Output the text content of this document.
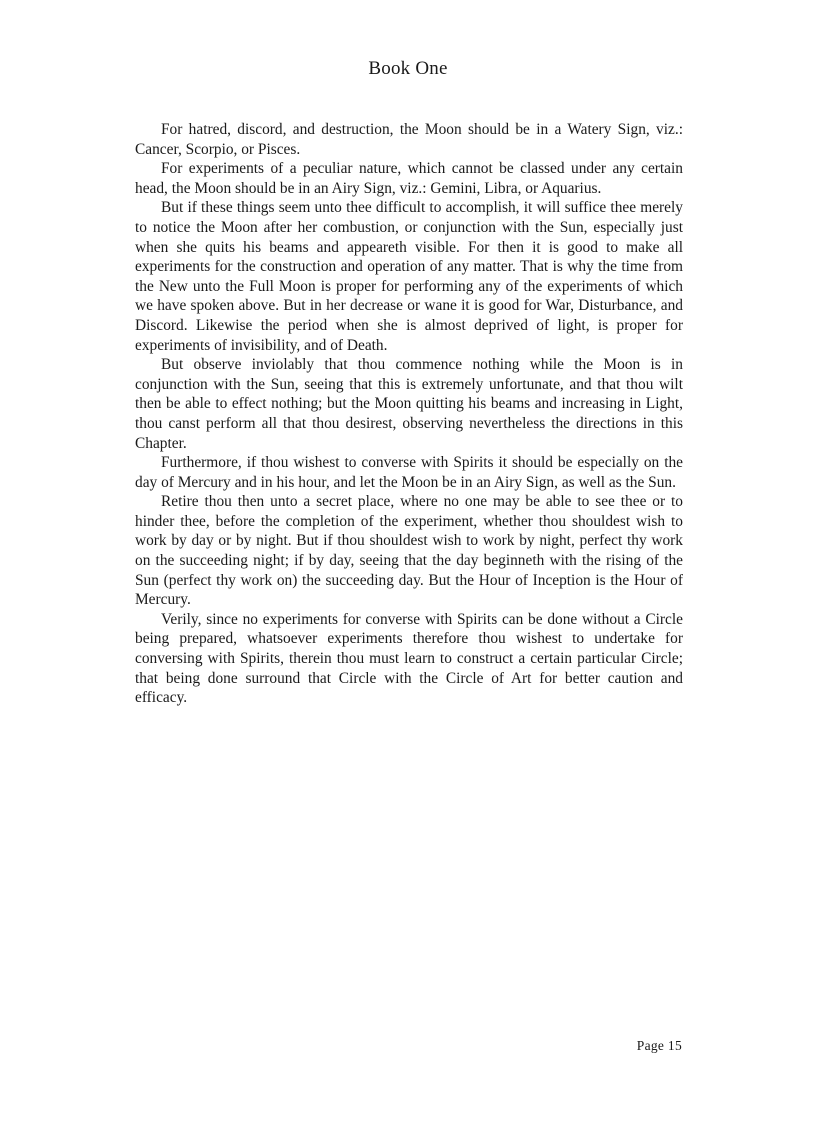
Book One

For hatred, discord, and destruction, the Moon should be in a Watery Sign, viz.: Cancer, Scorpio, or Pisces.

For experiments of a peculiar nature, which cannot be classed under any certain head, the Moon should be in an Airy Sign, viz.: Gemini, Libra, or Aquarius.

But if these things seem unto thee difficult to accomplish, it will suffice thee merely to notice the Moon after her combustion, or conjunction with the Sun, especially just when she quits his beams and appeareth visible. For then it is good to make all experiments for the construction and operation of any matter. That is why the time from the New unto the Full Moon is proper for performing any of the experiments of which we have spoken above. But in her decrease or wane it is good for War, Disturbance, and Discord. Likewise the period when she is almost deprived of light, is proper for experiments of invisibility, and of Death.

But observe inviolably that thou commence nothing while the Moon is in conjunction with the Sun, seeing that this is extremely unfortunate, and that thou wilt then be able to effect nothing; but the Moon quitting his beams and increasing in Light, thou canst perform all that thou desirest, observing nevertheless the directions in this Chapter.

Furthermore, if thou wishest to converse with Spirits it should be especially on the day of Mercury and in his hour, and let the Moon be in an Airy Sign, as well as the Sun.

Retire thou then unto a secret place, where no one may be able to see thee or to hinder thee, before the completion of the experiment, whether thou shouldest wish to work by day or by night. But if thou shouldest wish to work by night, perfect thy work on the succeeding night; if by day, seeing that the day beginneth with the rising of the Sun (perfect thy work on) the succeeding day. But the Hour of Inception is the Hour of Mercury.

Verily, since no experiments for converse with Spirits can be done without a Circle being prepared, whatsoever experiments therefore thou wishest to undertake for conversing with Spirits, therein thou must learn to construct a certain particular Circle; that being done surround that Circle with the Circle of Art for better caution and efficacy.

Page 15
